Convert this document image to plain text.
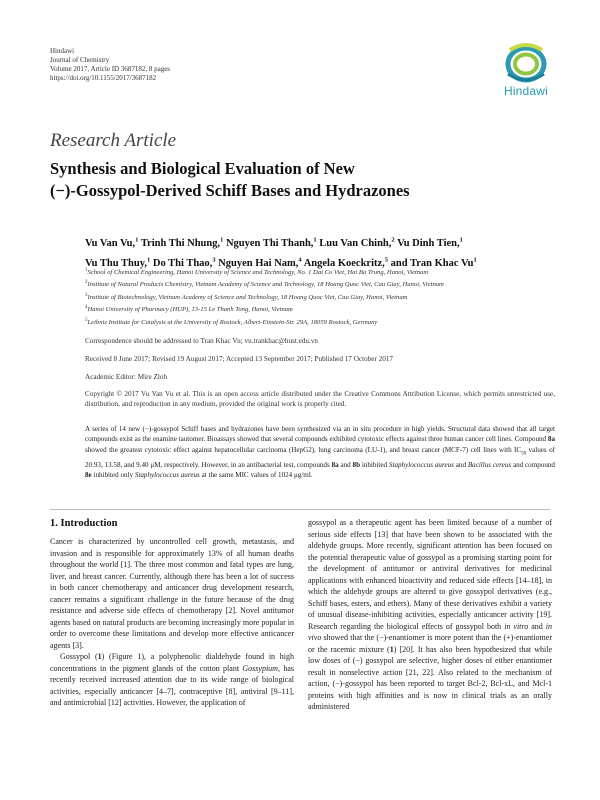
Hindawi
Journal of Chemistry
Volume 2017, Article ID 3687182, 8 pages
https://doi.org/10.1155/2017/3687182
Hindawi
Research Article
Synthesis and Biological Evaluation of New
(−)-Gossypol-Derived Schiff Bases and Hydrazones
Vu Van Vu,$^1$ Trinh Thi Nhung,$^1$ Nguyen Thi Thanh,$^1$ Luu Van Chinh,$^2$ Vu Dinh Tien,$^1$
Vu Thu Thuy,$^1$ Do Thi Thao,$^3$ Nguyen Hai Nam,$^4$ Angela Koeckritz,$^5$ and Tran Khac Vu$^1$
$^1$School of Chemical Engineering, Hanoi University of Science and Technology, No. 1 Dai Co Viet, Hai Ba Trung, Hanoi, Vietnam
$^2$Institute of Natural Products Chemistry, Vietnam Academy of Science and Technology, 18 Hoang Quoc Viet, Cau Giay, Hanoi, Vietnam
$^3$Institute of Biotechnology, Vietnam Academy of Science and Technology, 18 Hoang Quoc Viet, Cau Giay, Hanoi, Vietnam
$^4$Hanoi University of Pharmacy (HUP), 13-15 Le Thanh Tong, Hanoi, Vietnam
$^5$Leibniz Institute for Catalysis at the University of Rostock, Albert-Einstein-Str. 29A, 18059 Rostock, Germany
Correspondence should be addressed to Tran Khac Vu; vu.trankhac@hust.edu.vn
Received 8 June 2017; Revised 19 August 2017; Accepted 13 September 2017; Published 17 October 2017
Academic Editor: Mire Zloh
Copyright © 2017 Vu Van Vu et al. This is an open access article distributed under the Creative Commons Attribution License, which permits unrestricted use, distribution, and reproduction in any medium, provided the original work is properly cited.
A series of 14 new (−)-gossypol Schiff bases and hydrazones have been synthesized via an in situ procedure in high yields. Structural data showed that all target compounds exist as the enamine tautomer. Bioassays showed that several compounds exhibited cytotoxic effects against three human cancer cell lines. Compound 8a showed the greatest cytotoxic effect against hepatocellular carcinoma (HepG2), lung carcinoma (LU-1), and breast cancer (MCF-7) cell lines with $IC_{50}$ values of 20.93, 13.58, and 9.40 μM, respectively. However, in an antibacterial test, compounds 8a and 8b inhibited Staphylococcus aureus and Bacillus cereus and compound 8e inhibited only Staphylococcus aureus at the same MIC values of 1024 μg/ml.
1. Introduction

Cancer is characterized by uncontrolled cell growth, metastasis, and invasion and is responsible for approximately 13% of all human deaths throughout the world [1]. The three most common and fatal types are lung, liver, and breast cancer. Currently, although there has been a lot of success in both cancer chemotherapy and anticancer drug development research, cancer remains a significant challenge in the future because of the drug resistance and adverse side effects of chemotherapy [2]. Novel antitumor agents based on natural products are becoming increasingly more popular in order to overcome these limitations and develop more effective anticancer agents [3].

Gossypol (1) (Figure 1), a polyphenolic dialdehyde found in high concentrations in the pigment glands of the cotton plant Gossypium, has recently received increased attention due to its wide range of biological activities, especially anticancer [4–7], contraceptive [8], antiviral [9–11], and antimicrobial [12] activities. However, the application of

gossypol as a therapeutic agent has been limited because of a number of serious side effects [13] that have been shown to be associated with the aldehyde groups. More recently, significant attention has been focused on the potential therapeutic value of gossypol as a promising starting point for the development of antitumor or antiviral derivatives for medicinal applications with enhanced bioactivity and reduced side effects [14–18], in which the aldehyde groups are altered to give gossypol derivatives (e.g., Schiff bases, esters, and ethers). Many of these derivatives exhibit a variety of unusual disease-inhibiting activities, especially anticancer activity [19]. Research regarding the biological effects of gossypol both in vitro and in vivo showed that the (−)-enantiomer is more potent than the (+)-enantiomer or the racemic mixture (1) [20]. It has also been hypothesized that while low doses of (−) gossypol are selective, higher doses of either enantiomer result in nonselective action [21, 22]. Also related to the mechanism of action, (−)-gossypol has been reported to target Bcl-2, Bcl-xL, and Mcl-1 proteins with high affinities and is now in clinical trials as an orally administered
